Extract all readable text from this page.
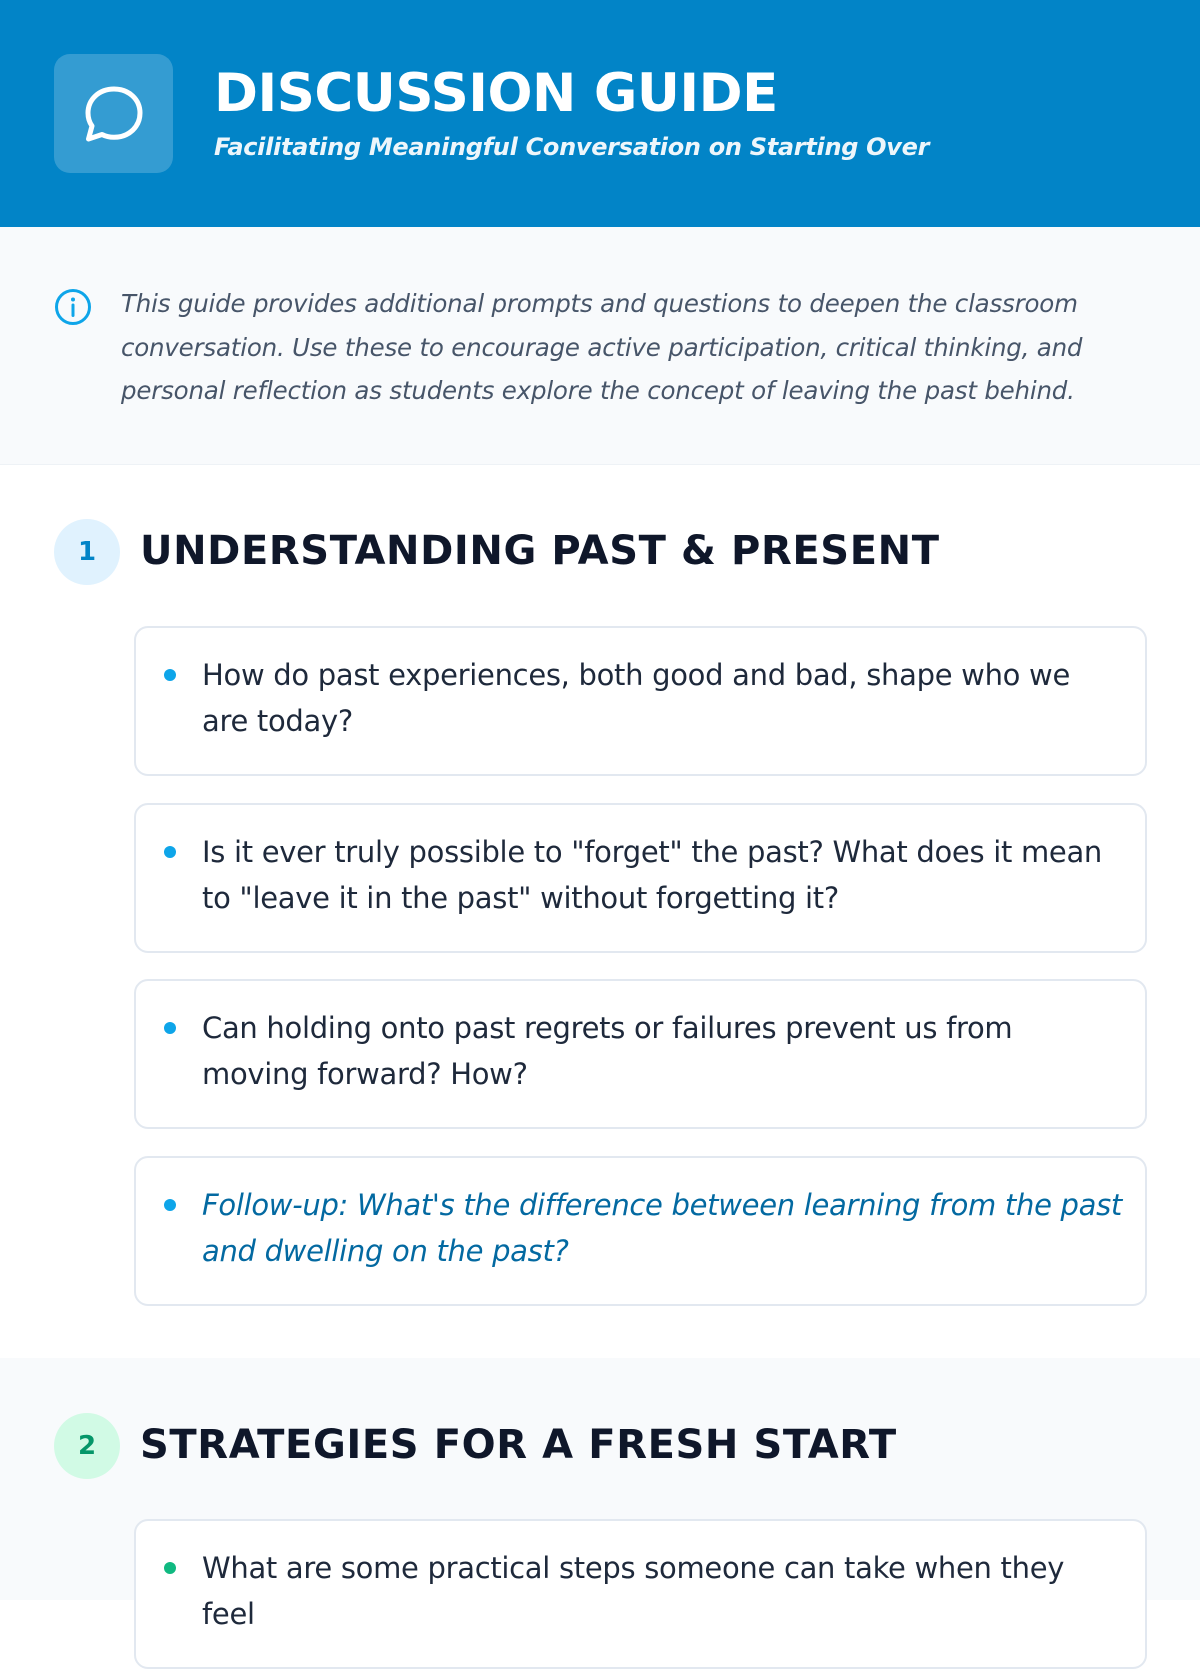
DISCUSSION GUIDE
Facilitating Meaningful Conversation on Starting Over
This guide provides additional prompts and questions to deepen the classroom conversation. Use these to encourage active participation, critical thinking, and personal reflection as students explore the concept of leaving the past behind.
1	UNDERSTANDING PAST & PRESENT
How do past experiences, both good and bad, shape who we are today?
Is it ever truly possible to "forget" the past? What does it mean to "leave it in the past" without forgetting it?
Can holding onto past regrets or failures prevent us from moving forward? How?
Follow-up: What's the difference between learning from the past and dwelling on the past?
2	STRATEGIES FOR A FRESH START
What are some practical steps someone can take when they feel
